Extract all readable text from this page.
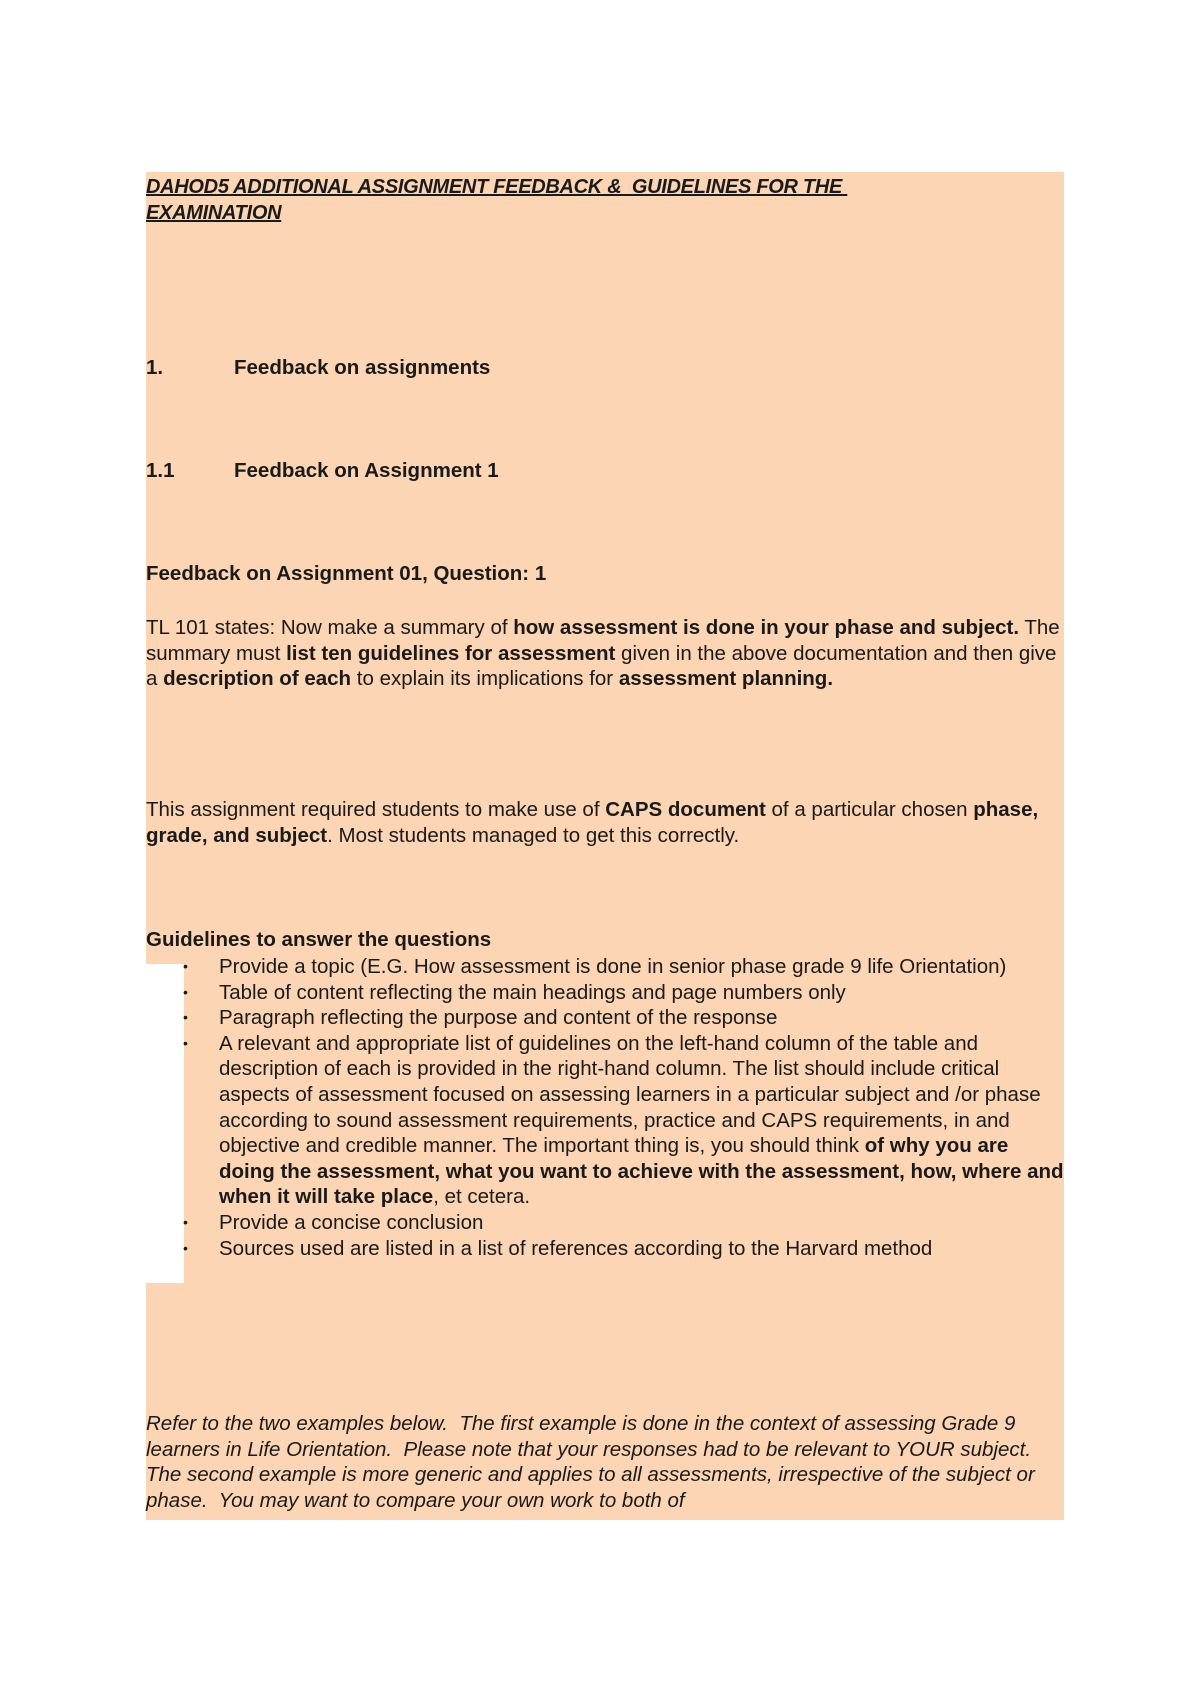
DAHOD5 ADDITIONAL ASSIGNMENT FEEDBACK &  GUIDELINES FOR THE EXAMINATION

1.	Feedback on assignments

1.1	Feedback on Assignment 1

Feedback on Assignment 01, Question: 1

TL 101 states: Now make a summary of how assessment is done in your phase and subject. The summary must list ten guidelines for assessment given in the above documentation and then give a description of each to explain its implications for assessment planning.

This assignment required students to make use of CAPS document of a particular chosen phase, grade, and subject. Most students managed to get this correctly.

Guidelines to answer the questions

• Provide a topic (E.G. How assessment is done in senior phase grade 9 life Orientation)
• Table of content reflecting the main headings and page numbers only
• Paragraph reflecting the purpose and content of the response
• A relevant and appropriate list of guidelines on the left-hand column of the table and description of each is provided in the right-hand column. The list should include critical aspects of assessment focused on assessing learners in a particular subject and /or phase according to sound assessment requirements, practice and CAPS requirements, in and objective and credible manner. The important thing is, you should think of why you are doing the assessment, what you want to achieve with the assessment, how, where and when it will take place, et cetera.
• Provide a concise conclusion
• Sources used are listed in a list of references according to the Harvard method

Refer to the two examples below.  The first example is done in the context of assessing Grade 9 learners in Life Orientation.  Please note that your responses had to be relevant to YOUR subject.  The second example is more generic and applies to all assessments, irrespective of the subject or phase.  You may want to compare your own work to both of
